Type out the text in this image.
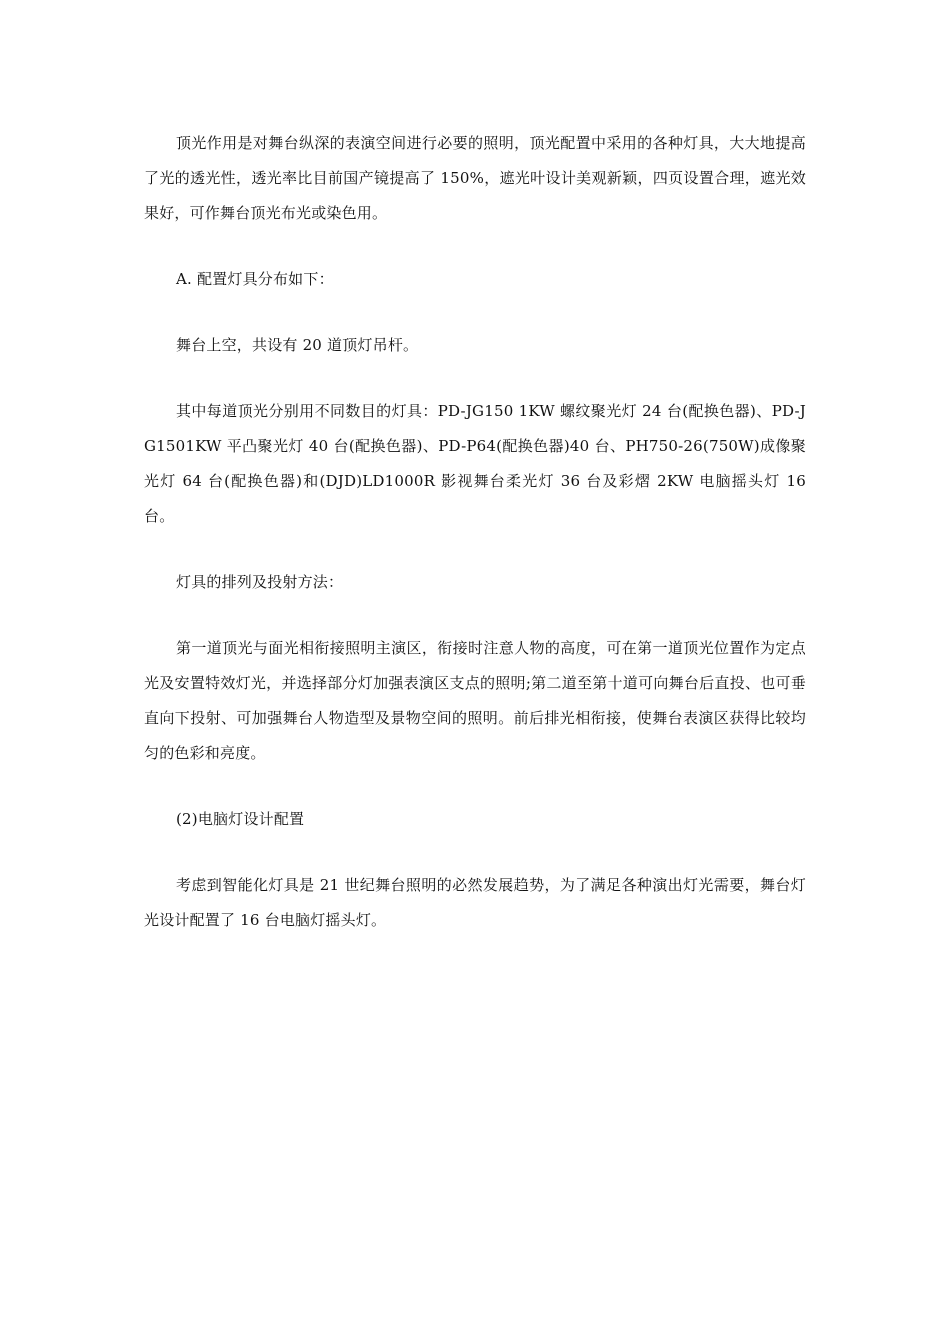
顶光作用是对舞台纵深的表演空间进行必要的照明，顶光配置中采用的各种灯具，大大地提高了光的透光性，透光率比目前国产镜提高了 150%，遮光叶设计美观新颖，四页设置合理，遮光效果好，可作舞台顶光布光或染色用。

A. 配置灯具分布如下：

舞台上空，共设有 20 道顶灯吊杆。

其中每道顶光分别用不同数目的灯具：PD-JG150 1KW 螺纹聚光灯 24 台(配换色器)、PD-JG1501KW 平凸聚光灯 40 台(配换色器)、PD-P64(配换色器)40 台、PH750-26(750W)成像聚光灯 64 台(配换色器)和(DJD)LD1000R 影视舞台柔光灯 36 台及彩熠 2KW 电脑摇头灯 16 台。

灯具的排列及投射方法：

第一道顶光与面光相衔接照明主演区，衔接时注意人物的高度，可在第一道顶光位置作为定点光及安置特效灯光，并选择部分灯加强表演区支点的照明;第二道至第十道可向舞台后直投、也可垂直向下投射、可加强舞台人物造型及景物空间的照明。前后排光相衔接，使舞台表演区获得比较均匀的色彩和亮度。

(2)电脑灯设计配置

考虑到智能化灯具是 21 世纪舞台照明的必然发展趋势，为了满足各种演出灯光需要，舞台灯光设计配置了 16 台电脑灯摇头灯。
